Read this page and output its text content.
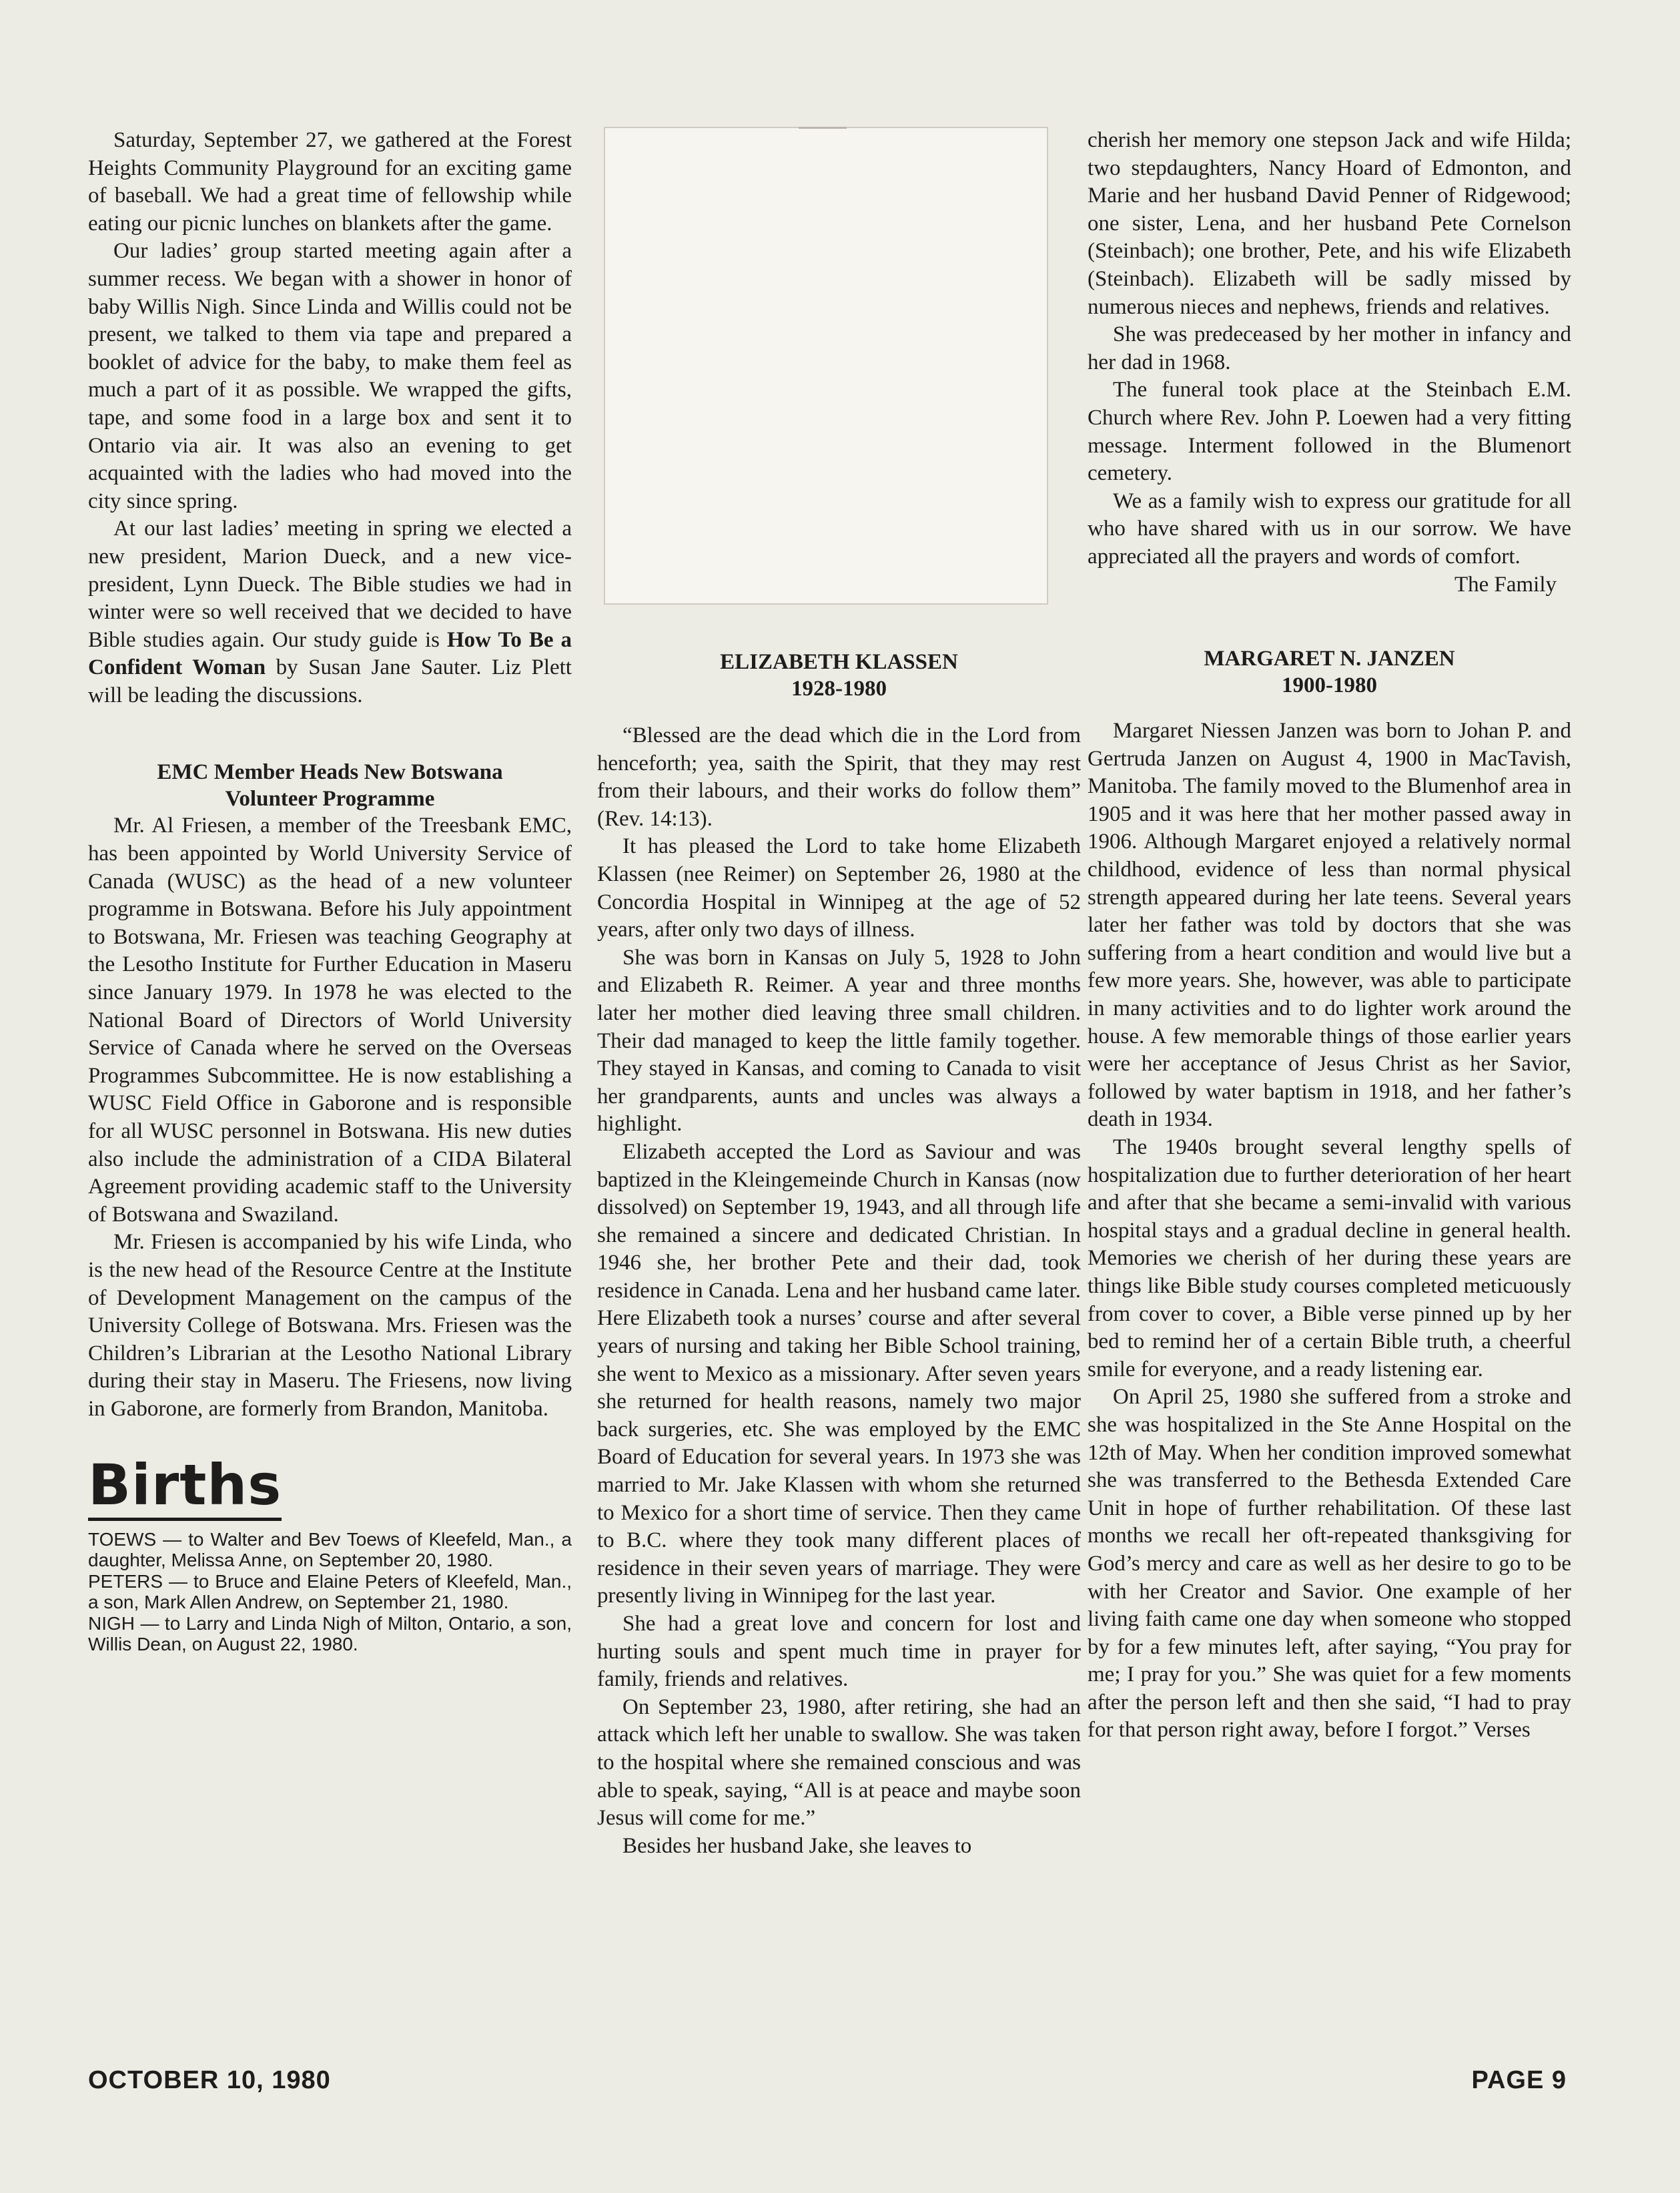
Saturday, September 27, we gathered at the Forest Heights Community Playground for an exciting game of baseball. We had a great time of fellowship while eating our picnic lunches on blankets after the game.

Our ladies’ group started meeting again after a summer recess. We began with a shower in honor of baby Willis Nigh. Since Linda and Willis could not be present, we talked to them via tape and prepared a booklet of advice for the baby, to make them feel as much a part of it as possible. We wrapped the gifts, tape, and some food in a large box and sent it to Ontario via air. It was also an evening to get acquainted with the ladies who had moved into the city since spring.

At our last ladies’ meeting in spring we elected a new president, Marion Dueck, and a new vice-president, Lynn Dueck. The Bible studies we had in winter were so well received that we decided to have Bible studies again. Our study guide is How To Be a Confident Woman by Susan Jane Sauter. Liz Plett will be leading the discussions.

EMC Member Heads New Botswana Volunteer Programme

Mr. Al Friesen, a member of the Treesbank EMC, has been appointed by World University Service of Canada (WUSC) as the head of a new volunteer programme in Botswana. Before his July appointment to Botswana, Mr. Friesen was teaching Geography at the Lesotho Institute for Further Education in Maseru since January 1979. In 1978 he was elected to the National Board of Directors of World University Service of Canada where he served on the Overseas Programmes Subcommittee. He is now establishing a WUSC Field Office in Gaborone and is responsible for all WUSC personnel in Botswana. His new duties also include the administration of a CIDA Bilateral Agreement providing academic staff to the University of Botswana and Swaziland.

Mr. Friesen is accompanied by his wife Linda, who is the new head of the Resource Centre at the Institute of Development Management on the campus of the University College of Botswana. Mrs. Friesen was the Children’s Librarian at the Lesotho National Library during their stay in Maseru. The Friesens, now living in Gaborone, are formerly from Brandon, Manitoba.

Births

TOEWS — to Walter and Bev Toews of Kleefeld, Man., a daughter, Melissa Anne, on September 20, 1980.

PETERS — to Bruce and Elaine Peters of Kleefeld, Man., a son, Mark Allen Andrew, on September 21, 1980.

NIGH — to Larry and Linda Nigh of Milton, Ontario, a son, Willis Dean, on August 22, 1980.

ELIZABETH KLASSEN
1928-1980

“Blessed are the dead which die in the Lord from henceforth; yea, saith the Spirit, that they may rest from their labours, and their works do follow them” (Rev. 14:13).

It has pleased the Lord to take home Elizabeth Klassen (nee Reimer) on September 26, 1980 at the Concordia Hospital in Winnipeg at the age of 52 years, after only two days of illness.

She was born in Kansas on July 5, 1928 to John and Elizabeth R. Reimer. A year and three months later her mother died leaving three small children. Their dad managed to keep the little family together. They stayed in Kansas, and coming to Canada to visit her grandparents, aunts and uncles was always a highlight.

Elizabeth accepted the Lord as Saviour and was baptized in the Kleingemeinde Church in Kansas (now dissolved) on September 19, 1943, and all through life she remained a sincere and dedicated Christian. In 1946 she, her brother Pete and their dad, took residence in Canada. Lena and her husband came later. Here Elizabeth took a nurses’ course and after several years of nursing and taking her Bible School training, she went to Mexico as a missionary. After seven years she returned for health reasons, namely two major back surgeries, etc. She was employed by the EMC Board of Education for several years. In 1973 she was married to Mr. Jake Klassen with whom she returned to Mexico for a short time of service. Then they came to B.C. where they took many different places of residence in their seven years of marriage. They were presently living in Winnipeg for the last year.

She had a great love and concern for lost and hurting souls and spent much time in prayer for family, friends and relatives.

On September 23, 1980, after retiring, she had an attack which left her unable to swallow. She was taken to the hospital where she remained conscious and was able to speak, saying, “All is at peace and maybe soon Jesus will come for me.”

Besides her husband Jake, she leaves to

cherish her memory one stepson Jack and wife Hilda; two stepdaughters, Nancy Hoard of Edmonton, and Marie and her husband David Penner of Ridgewood; one sister, Lena, and her husband Pete Cornelson (Steinbach); one brother, Pete, and his wife Elizabeth (Steinbach). Elizabeth will be sadly missed by numerous nieces and nephews, friends and relatives.

She was predeceased by her mother in infancy and her dad in 1968.

The funeral took place at the Steinbach E.M. Church where Rev. John P. Loewen had a very fitting message. Interment followed in the Blumenort cemetery.

We as a family wish to express our gratitude for all who have shared with us in our sorrow. We have appreciated all the prayers and words of comfort.

The Family

MARGARET N. JANZEN
1900-1980

Margaret Niessen Janzen was born to Johan P. and Gertruda Janzen on August 4, 1900 in MacTavish, Manitoba. The family moved to the Blumenhof area in 1905 and it was here that her mother passed away in 1906. Although Margaret enjoyed a relatively normal childhood, evidence of less than normal physical strength appeared during her late teens. Several years later her father was told by doctors that she was suffering from a heart condition and would live but a few more years. She, however, was able to participate in many activities and to do lighter work around the house. A few memorable things of those earlier years were her acceptance of Jesus Christ as her Savior, followed by water baptism in 1918, and her father’s death in 1934.

The 1940s brought several lengthy spells of hospitalization due to further deterioration of her heart and after that she became a semi-invalid with various hospital stays and a gradual decline in general health. Memories we cherish of her during these years are things like Bible study courses completed meticuously from cover to cover, a Bible verse pinned up by her bed to remind her of a certain Bible truth, a cheerful smile for everyone, and a ready listening ear.

On April 25, 1980 she suffered from a stroke and she was hospitalized in the Ste Anne Hospital on the 12th of May. When her condition improved somewhat she was transferred to the Bethesda Extended Care Unit in hope of further rehabilitation. Of these last months we recall her oft-repeated thanksgiving for God’s mercy and care as well as her desire to go to be with her Creator and Savior. One example of her living faith came one day when someone who stopped by for a few minutes left, after saying, “You pray for me; I pray for you.” She was quiet for a few moments after the person left and then she said, “I had to pray for that person right away, before I forgot.” Verses

OCTOBER 10, 1980	PAGE 9
